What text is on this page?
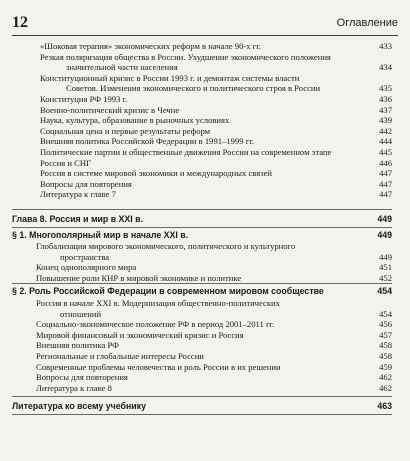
12	Оглавление
«Шоковая терапия» экономических реформ в начале 90-х гг.	433
Резкая поляризация общества в России. Ухудшение экономического положения
значительной части населения	434
Конституционный кризис в России 1993 г. и демонтаж системы власти
Советов. Изменения экономического и политического строя в России	435
Конституция РФ 1993 г.	436
Военно-политический кризис в Чечне	437
Наука, культура, образование в рыночных условиях	439
Социальная цена и первые результаты реформ	442
Внешняя политика Российской Федерации в 1991–1999 гг.	444
Политические партии и общественные движения России на современном этапе	445
Россия и СНГ	446
Россия в системе мировой экономики и международных связей	447
Вопросы для повторения	447
Литература к главе 7	447
Глава 8. Россия и мир в XXI в.	449
§ 1. Многополярный мир в начале XXI в.	449
Глобализация мирового экономического, политического и культурного
пространства	449
Конец однополярного мира	451
Повышение роли КНР в мировой экономике и политике	452
§ 2. Роль Российской Федерации в современном мировом сообществе	454
Россия в начале XXI в. Модернизация общественно-политических
отношений	454
Социально-экономическое положение РФ в период 2001–2011 гг.	456
Мировой финансовый и экономический кризис и Россия	457
Внешняя политика РФ	458
Региональные и глобальные интересы России	458
Современные проблемы человечества и роль России в их решении	459
Вопросы для повторения	462
Литература к главе 8	462
Литература ко всему учебнику	463
